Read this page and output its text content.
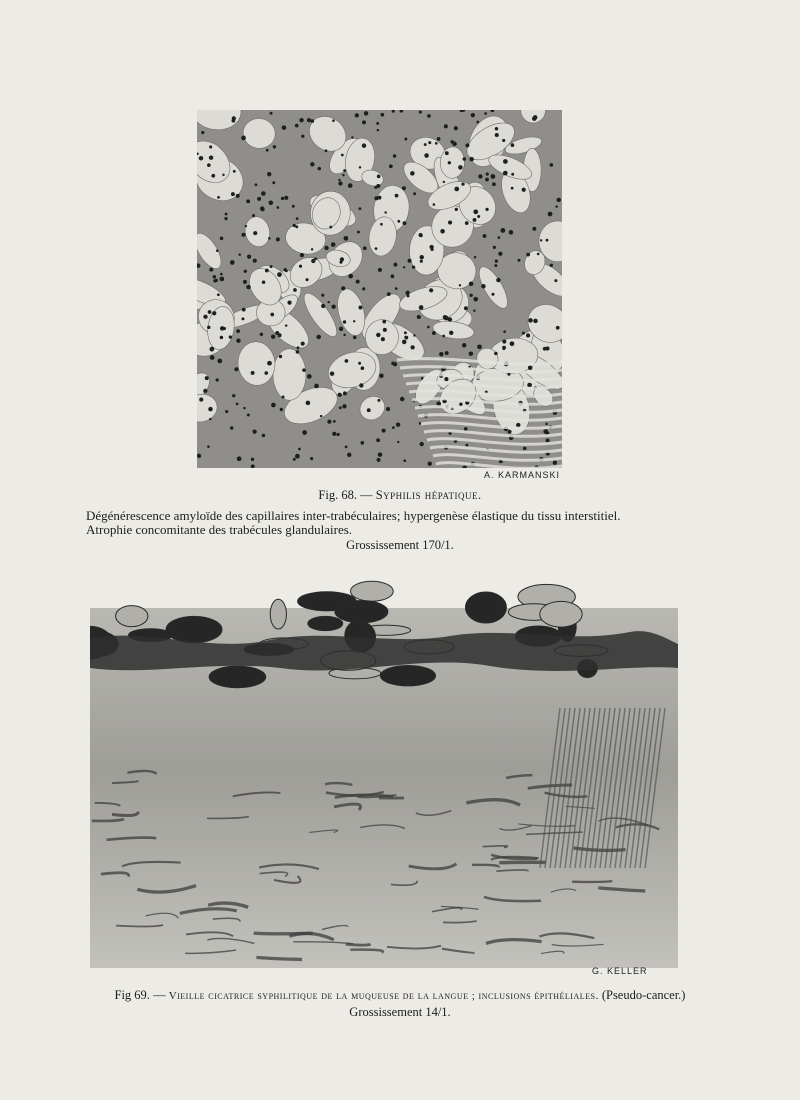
A. KARMANSKI
Fig. 68. — Syphilis hépatique.
Dégénérescence amyloïde des capillaires inter-trabéculaires; hypergenèse élastique du tissu interstitiel.
Atrophie concomitante des trabécules glandulaires.
Grossissement 170/1.
G. KELLER
Fig 69. — Vieille cicatrice syphilitique de la muqueuse de la langue ; inclusions épithéliales. (Pseudo-cancer.)
Grossissement 14/1.
